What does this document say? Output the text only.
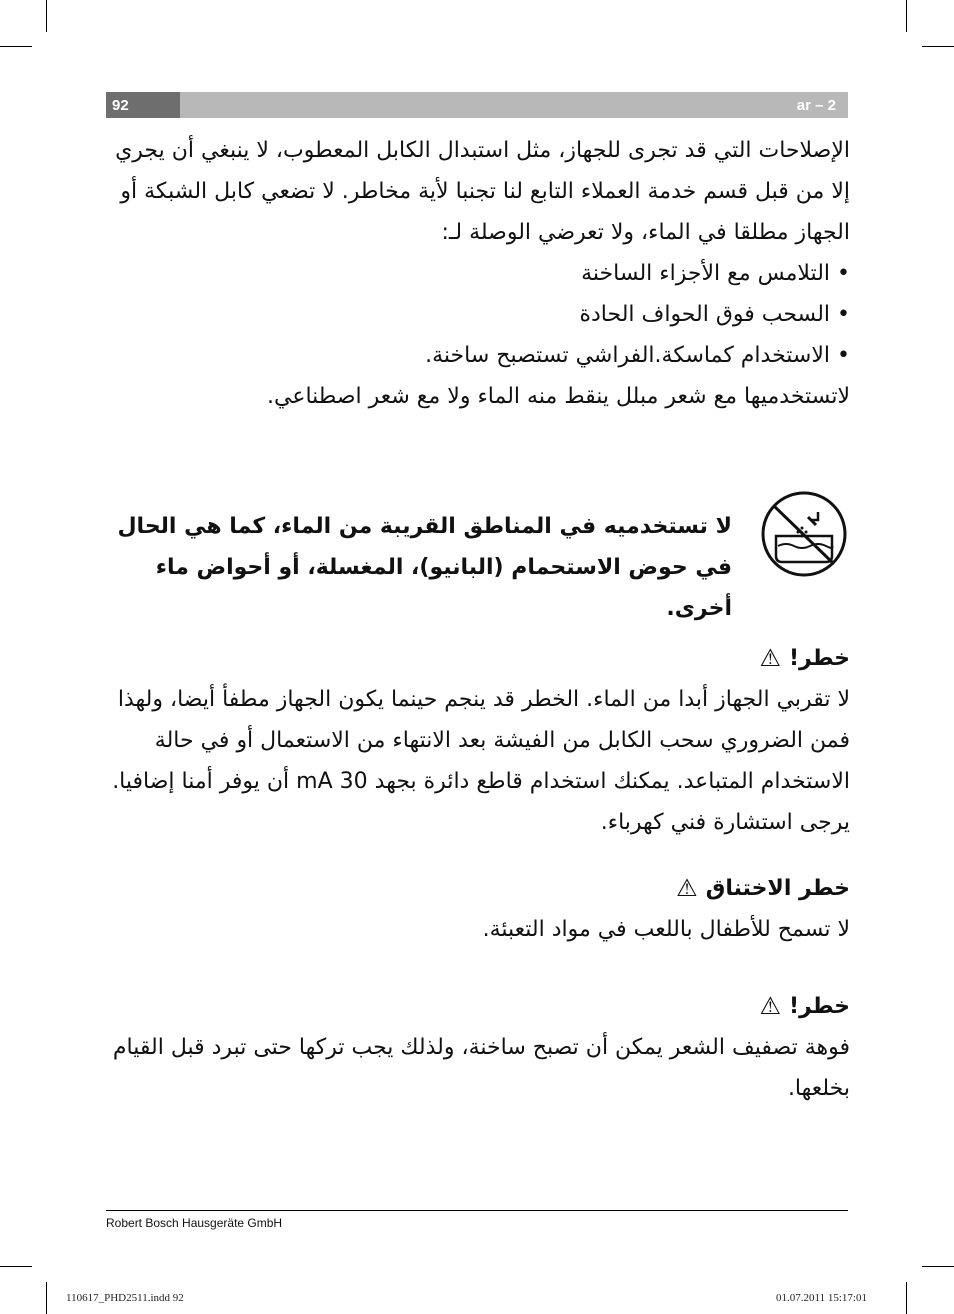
92	ar – 2

الإصلاحات التي قد تجرى للجهاز، مثل استبدال الكابل المعطوب، لا ينبغي أن يجري إلا من قبل قسم خدمة العملاء التابع لنا تجنبا لأية مخاطر. لا تضعي كابل الشبكة أو الجهاز مطلقا في الماء، ولا تعرضي الوصلة لـ:

• التلامس مع الأجزاء الساخنة
• السحب فوق الحواف الحادة
• الاستخدام كماسكة.الفراشي تستصبح ساخنة.

لاتستخدميها مع شعر مبلل ينقط منه الماء ولا مع شعر اصطناعي.

لا تستخدميه في المناطق القريبة من الماء، كما هي الحال في حوض الاستحمام (البانيو)، المغسلة، أو أحواض ماء أخرى.

خطر!
⚠

لا تقربي الجهاز أبدا من الماء. الخطر قد ينجم حينما يكون الجهاز مطفأ أيضا، ولهذا فمن الضروري سحب الكابل من الفيشة بعد الانتهاء من الاستعمال أو في حالة الاستخدام المتباعد. يمكنك استخدام قاطع دائرة بجهد 30 mA أن يوفر أمنا إضافيا. يرجى استشارة فني كهرباء.

خطر الاختناق
⚠

لا تسمح للأطفال باللعب في مواد التعبئة.

خطر!
⚠

فوهة تصفيف الشعر يمكن أن تصبح ساخنة، ولذلك يجب تركها حتى تبرد قبل القيام بخلعها.

Robert Bosch Hausgeräte GmbH
110617_PHD2511.indd 92	01.07.2011 15:17:01
